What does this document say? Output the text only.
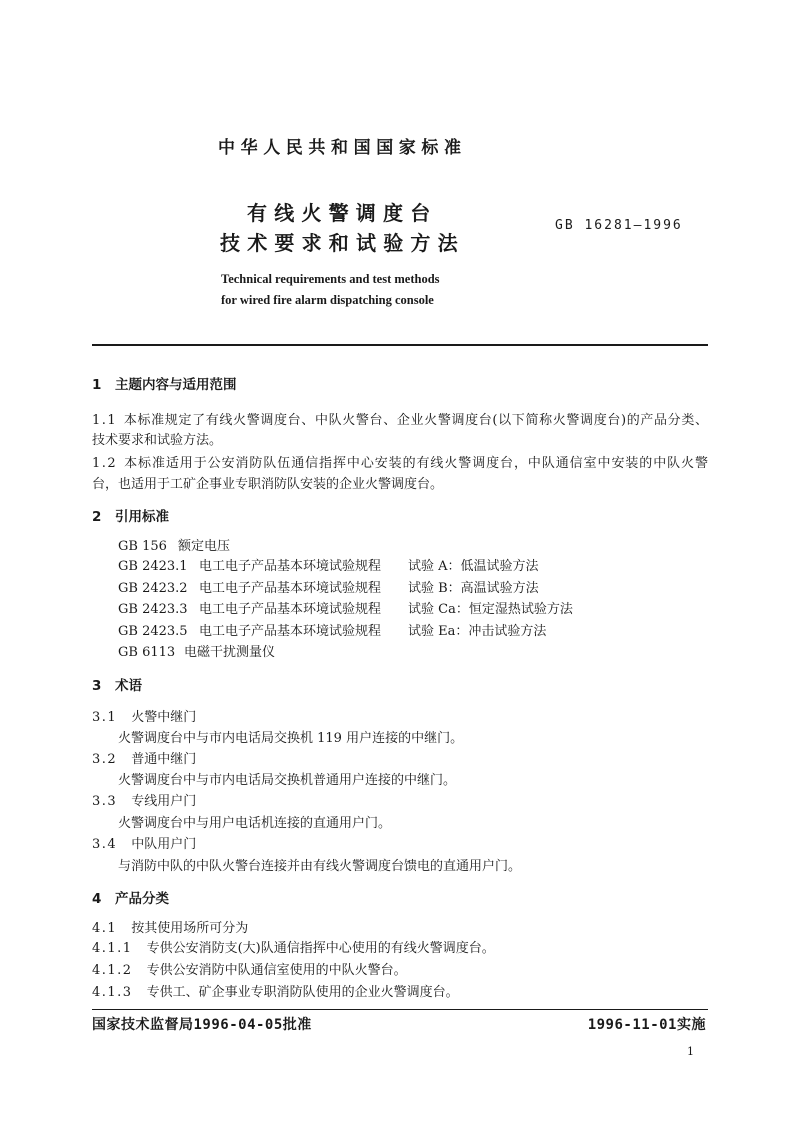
中华人民共和国国家标准
有线火警调度台
技术要求和试验方法
GB 16281—1996
Technical requirements and test methods
for wired fire alarm dispatching console
1 主题内容与适用范围
1.1 本标准规定了有线火警调度台、中队火警台、企业火警调度台(以下简称火警调度台)的产品分类、
技术要求和试验方法。
1.2 本标准适用于公安消防队伍通信指挥中心安装的有线火警调度台，中队通信室中安装的中队火警
台，也适用于工矿企事业专职消防队安装的企业火警调度台。
2 引用标准
GB 156 额定电压
GB 2423.1 电工电子产品基本环境试验规程 试验 A：低温试验方法
GB 2423.2 电工电子产品基本环境试验规程 试验 B：高温试验方法
GB 2423.3 电工电子产品基本环境试验规程 试验 Ca：恒定湿热试验方法
GB 2423.5 电工电子产品基本环境试验规程 试验 Ea：冲击试验方法
GB 6113 电磁干扰测量仪
3 术语
3.1 火警中继门
火警调度台中与市内电话局交换机 119 用户连接的中继门。
3.2 普通中继门
火警调度台中与市内电话局交换机普通用户连接的中继门。
3.3 专线用户门
火警调度台中与用户电话机连接的直通用户门。
3.4 中队用户门
与消防中队的中队火警台连接并由有线火警调度台馈电的直通用户门。
4 产品分类
4.1 按其使用场所可分为
4.1.1 专供公安消防支(大)队通信指挥中心使用的有线火警调度台。
4.1.2 专供公安消防中队通信室使用的中队火警台。
4.1.3 专供工、矿企事业专职消防队使用的企业火警调度台。
国家技术监督局1996-04-05批准	1996-11-01实施
1
